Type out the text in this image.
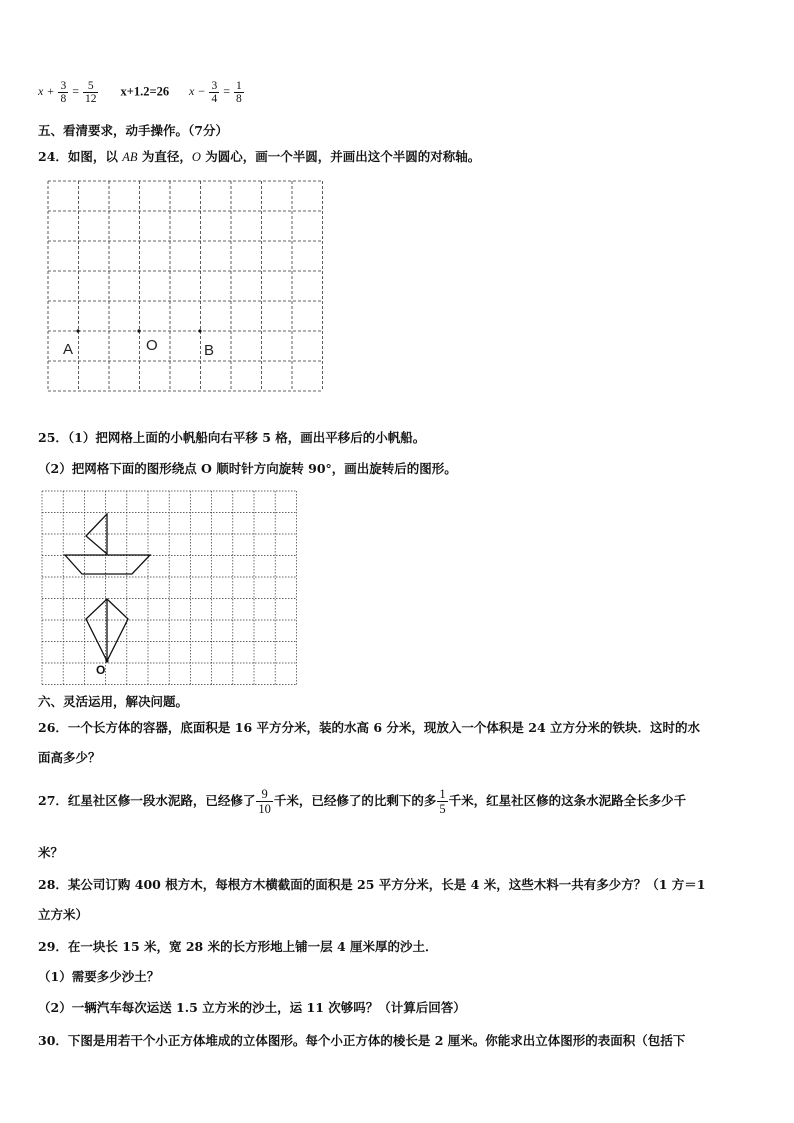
$x + \frac{3}{8} = \frac{5}{12} x+1.2=26$ $x - \frac{3}{4} = \frac{1}{8}$
五、看清要求，动手操作。（7分）
24．如图，以 AB 为直径，O 为圆心，画一个半圆，并画出这个半圆的对称轴。
A	O	B
25．（1）把网格上面的小帆船向右平移 5 格，画出平移后的小帆船。
（2）把网格下面的图形绕点 O 顺时针方向旋转 90°，画出旋转后的图形。
O
六、灵活运用，解决问题。
26．一个长方体的容器，底面积是 16 平方分米，装的水高 6 分米，现放入一个体积是 24 立方分米的铁块．这时的水
面高多少？
27．红星社区修一段水泥路，已经修了 $\frac{9}{10}$ 千米，已经修了的比剩下的多 $\frac{1}{5}$ 千米，红星社区修的这条水泥路全长多少千
米？
28．某公司订购 400 根方木，每根方木横截面的面积是 25 平方分米，长是 4 米，这些木料一共有多少方？（1 方＝1
立方米）
29．在一块长 15 米，宽 28 米的长方形地上铺一层 4 厘米厚的沙土．
（1）需要多少沙土？
（2）一辆汽车每次运送 1.5 立方米的沙土，运 11 次够吗？（计算后回答）
30．下图是用若干个小正方体堆成的立体图形。每个小正方体的棱长是 2 厘米。你能求出立体图形的表面积（包括下
